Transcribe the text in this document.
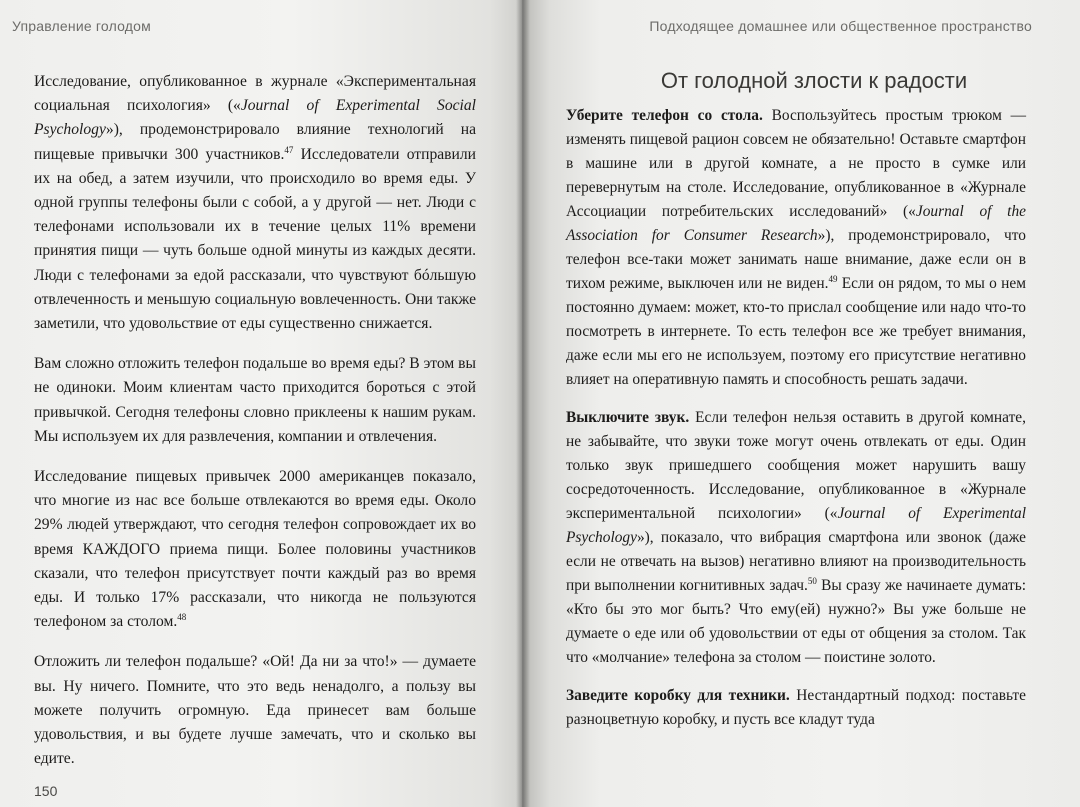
Управление голодом

Исследование, опубликованное в журнале «Экспериментальная социальная психология» («Journal of Experimental Social Psychology»), продемонстрировало влияние технологий на пищевые привычки 300 участников.$^{47}$ Исследователи отправили их на обед, а затем изучили, что происходило во время еды. У одной группы телефоны были с собой, а у другой — нет. Люди с телефонами использовали их в течение целых 11% времени принятия пищи — чуть больше одной минуты из каждых десяти. Люди с телефонами за едой рассказали, что чувствуют бóльшую отвлеченность и меньшую социальную вовлеченность. Они также заметили, что удовольствие от еды существенно снижается.

Вам сложно отложить телефон подальше во время еды? В этом вы не одиноки. Моим клиентам часто приходится бороться с этой привычкой. Сегодня телефоны словно приклеены к нашим рукам. Мы используем их для развлечения, компании и отвлечения.

Исследование пищевых привычек 2000 американцев показало, что многие из нас все больше отвлекаются во время еды. Около 29% людей утверждают, что сегодня телефон сопровождает их во время КАЖДОГО приема пищи. Более половины участников сказали, что телефон присутствует почти каждый раз во время еды. И только 17% рассказали, что никогда не пользуются телефоном за столом.$^{48}$

Отложить ли телефон подальше? «Ой! Да ни за что!» — думаете вы. Ну ничего. Помните, что это ведь ненадолго, а пользу вы можете получить огромную. Еда принесет вам больше удовольствия, и вы будете лучше замечать, что и сколько вы едите.

150
Подходящее домашнее или общественное пространство
От голодной злости к радости

Уберите телефон со стола. Воспользуйтесь простым трюком — изменять пищевой рацион совсем не обязательно! Оставьте смартфон в машине или в другой комнате, а не просто в сумке или перевернутым на столе. Исследование, опубликованное в «Журнале Ассоциации потребительских исследований» («Journal of the Association for Consumer Research»), продемонстрировало, что телефон все-таки может занимать наше внимание, даже если он в тихом режиме, выключен или не виден.$^{49}$ Если он рядом, то мы о нем постоянно думаем: может, кто-то прислал сообщение или надо что-то посмотреть в интернете. То есть телефон все же требует внимания, даже если мы его не используем, поэтому его присутствие негативно влияет на оперативную память и способность решать задачи.

Выключите звук. Если телефон нельзя оставить в другой комнате, не забывайте, что звуки тоже могут очень отвлекать от еды. Один только звук пришедшего сообщения может нарушить вашу сосредоточенность. Исследование, опубликованное в «Журнале экспериментальной психологии» («Journal of Experimental Psychology»), показало, что вибрация смартфона или звонок (даже если не отвечать на вызов) негативно влияют на производительность при выполнении когнитивных задач.$^{50}$ Вы сразу же начинаете думать: «Кто бы это мог быть? Что ему(ей) нужно?» Вы уже больше не думаете о еде или об удовольствии от еды от общения за столом. Так что «молчание» телефона за столом — поистине золото.

Заведите коробку для техники. Нестандартный подход: поставьте разноцветную коробку, и пусть все кладут туда
